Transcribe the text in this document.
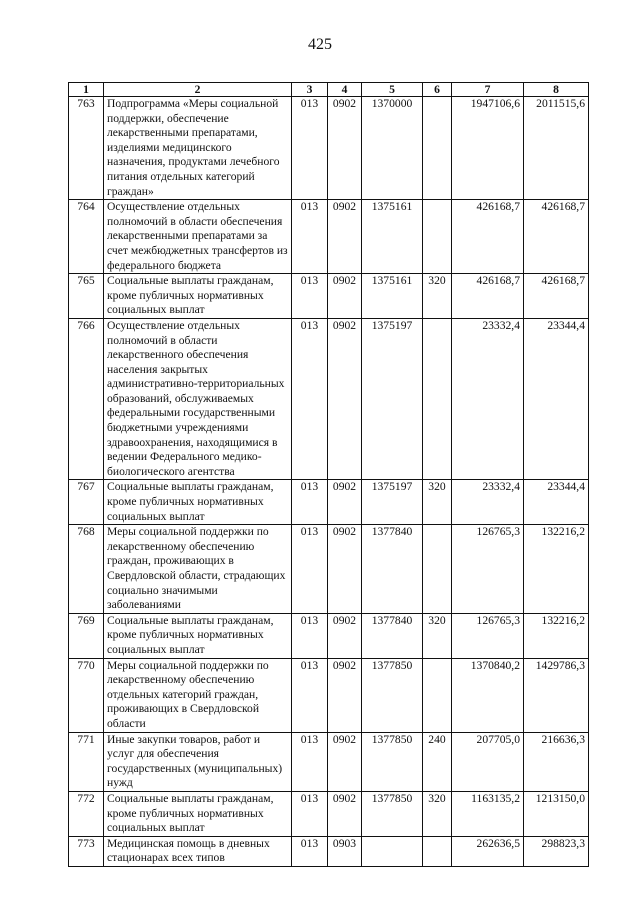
425
1	2	3	4	5	6	7	8
763	Подпрограмма «Меры социальной поддержки, обеспечение лекарственными препаратами, изделиями медицинского назначения, продуктами лечебного питания отдельных категорий граждан»	013	0902	1370000		1947106,6	2011515,6
764	Осуществление отдельных полномочий в области обеспечения лекарственными препаратами за счет межбюджетных трансфертов из федерального бюджета	013	0902	1375161		426168,7	426168,7
765	Социальные выплаты гражданам, кроме публичных нормативных социальных выплат	013	0902	1375161	320	426168,7	426168,7
766	Осуществление отдельных полномочий в области лекарственного обеспечения населения закрытых административно-территориальных образований, обслуживаемых федеральными государственными бюджетными учреждениями здравоохранения, находящимися в ведении Федерального медико-биологического агентства	013	0902	1375197		23332,4	23344,4
767	Социальные выплаты гражданам, кроме публичных нормативных социальных выплат	013	0902	1375197	320	23332,4	23344,4
768	Меры социальной поддержки по лекарственному обеспечению граждан, проживающих в Свердловской области, страдающих социально значимыми заболеваниями	013	0902	1377840		126765,3	132216,2
769	Социальные выплаты гражданам, кроме публичных нормативных социальных выплат	013	0902	1377840	320	126765,3	132216,2
770	Меры социальной поддержки по лекарственному обеспечению отдельных категорий граждан, проживающих в Свердловской области	013	0902	1377850		1370840,2	1429786,3
771	Иные закупки товаров, работ и услуг для обеспечения государственных (муниципальных) нужд	013	0902	1377850	240	207705,0	216636,3
772	Социальные выплаты гражданам, кроме публичных нормативных социальных выплат	013	0902	1377850	320	1163135,2	1213150,0
773	Медицинская помощь в дневных стационарах всех типов	013	0903			262636,5	298823,3
